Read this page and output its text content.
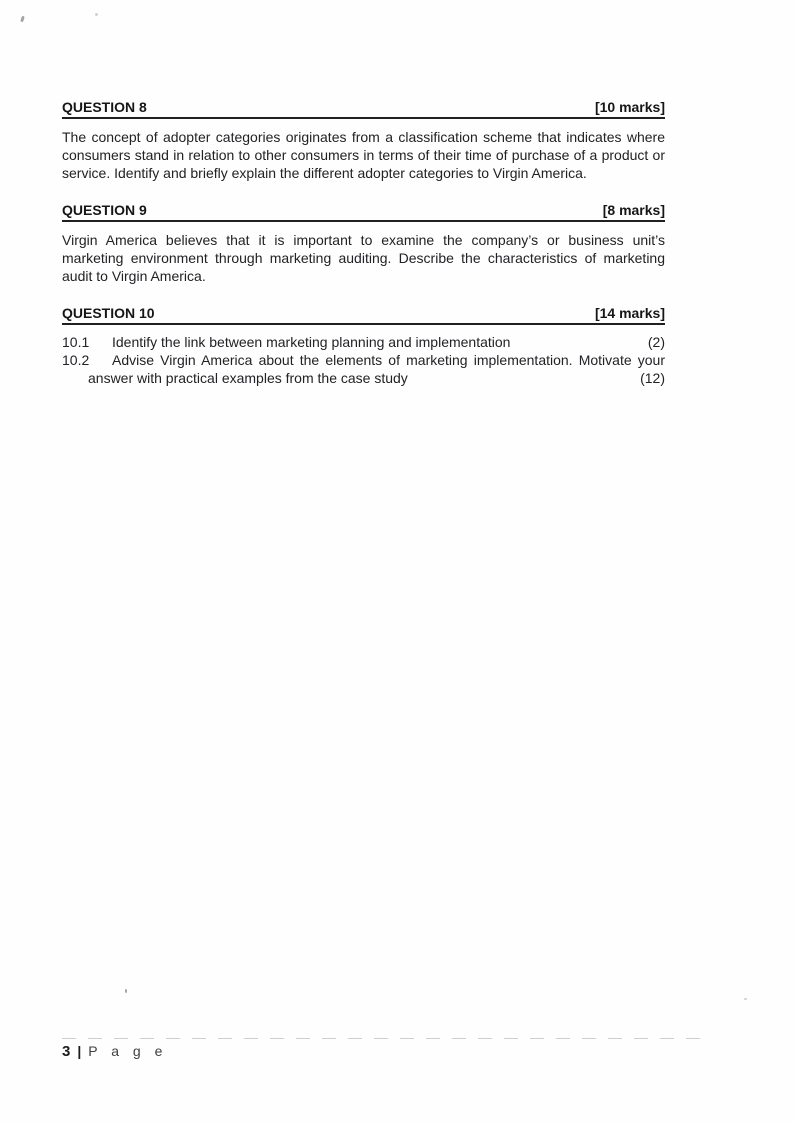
QUESTION 8	[10 marks]

The concept of adopter categories originates from a classification scheme that indicates where consumers stand in relation to other consumers in terms of their time of purchase of a product or service. Identify and briefly explain the different adopter categories to Virgin America.

QUESTION 9	[8 marks]

Virgin America believes that it is important to examine the company’s or business unit’s marketing environment through marketing auditing. Describe the characteristics of marketing audit to Virgin America.

QUESTION 10	[14 marks]
10.1	Identify the link between marketing planning and implementation	(2)
10.2 Advise Virgin America about the elements of marketing implementation. Motivate your answer with practical examples from the case study	(12)
3 | P a g e
